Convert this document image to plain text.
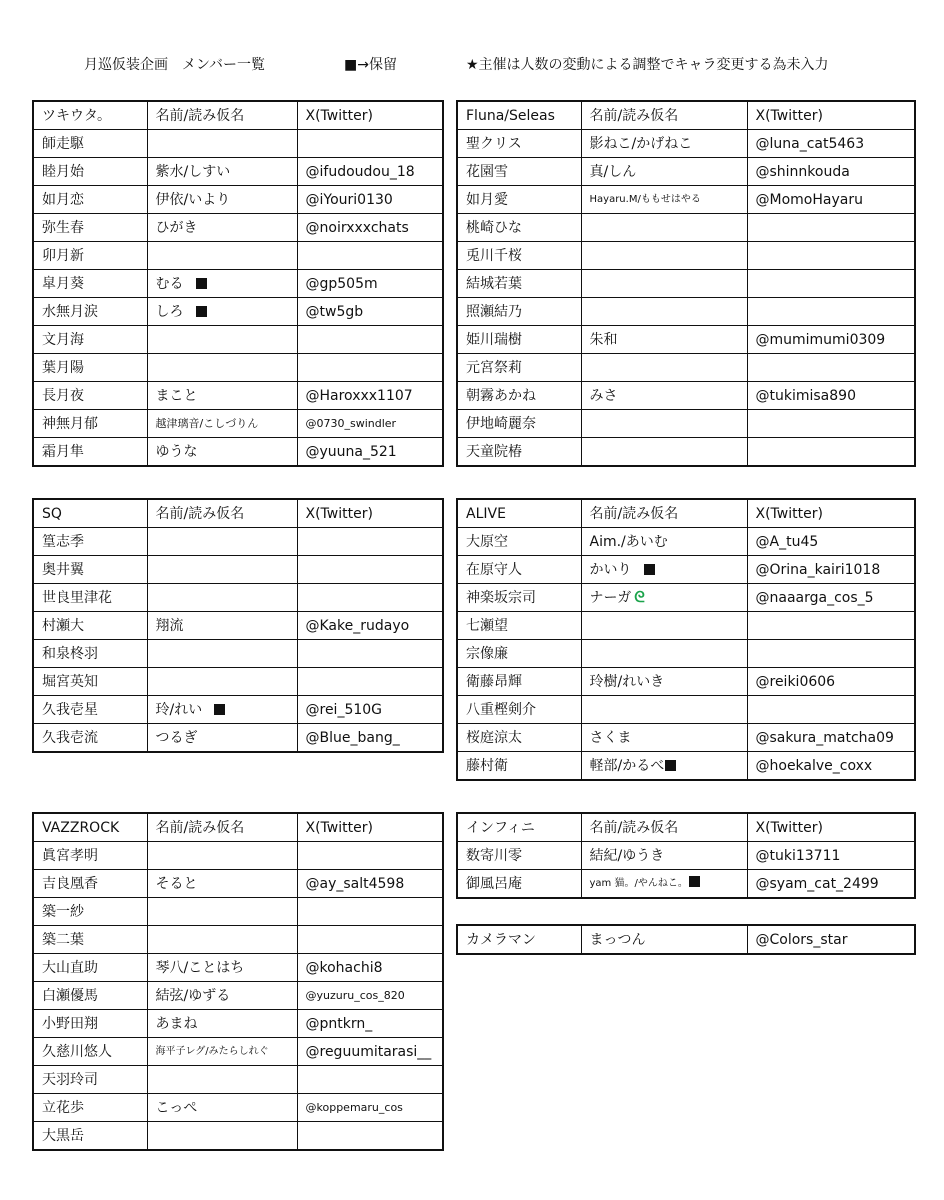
月巡仮装企画　メンバー一覧	■→保留	★主催は人数の変動による調整でキャラ変更する為未入力
ツキウタ。	名前/読み仮名	X(Twitter)
師走駆		
睦月始	紫水/しすい	@ifudoudou_18
如月恋	伊依/いより	@iYouri0130
弥生春	ひがき	@noirxxxchats
卯月新		
皐月葵	むる	@gp505m
水無月涙	しろ	@tw5gb
文月海		
葉月陽		
長月夜	まこと	@Haroxxx1107
神無月郁	越津璃音/こしづりん	@0730_swindler
霜月隼	ゆうな	@yuuna_521
Fluna/Seleas	名前/読み仮名	X(Twitter)
聖クリス	影ねこ/かげねこ	@luna_cat5463
花園雪	真/しん	@shinnkouda
如月愛	Hayaru.M/ももせはやる	@MomoHayaru
桃崎ひな		
兎川千桜		
結城若葉		
照瀬結乃		
姫川瑞樹	朱和	@mumimumi0309
元宮祭莉		
朝霧あかね	みさ	@tukimisa890
伊地崎麗奈		
天童院椿		
SQ	名前/読み仮名	X(Twitter)
篁志季		
奥井翼		
世良里津花		
村瀬大	翔流	@Kake_rudayo
和泉柊羽		
堀宮英知		
久我壱星	玲/れい	@rei_510G
久我壱流	つるぎ	@Blue_bang_
ALIVE	名前/読み仮名	X(Twitter)
大原空	Aim./あいむ	@A_tu45
在原守人	かいり	@Orina_kairi1018
神楽坂宗司	ナーガ ᘓ	@naaarga_cos_5
七瀬望		
宗像廉		
衛藤昂輝	玲樹/れいき	@reiki0606
八重樫剣介		
桜庭涼太	さくま	@sakura_matcha09
藤村衛	軽部/かるべ	@hoekalve_coxx
VAZZROCK	名前/読み仮名	X(Twitter)
眞宮孝明		
吉良凰香	そると	@ay_salt4598
築一紗		
築二葉		
大山直助	琴八/ことはち	@kohachi8
白瀬優馬	結弦/ゆずる	@yuzuru_cos_820
小野田翔	あまね	@pntkrn_
久慈川悠人	海平子レグ/みたらしれぐ	@reguumitarasi__
天羽玲司		
立花歩	こっぺ	@koppemaru_cos
大黒岳		
インフィニ	名前/読み仮名	X(Twitter)
数寄川零	結紀/ゆうき	@tuki13711
御風呂庵	yam 猫。/やんねこ。	@syam_cat_2499
カメラマン	まっつん	@Colors_star
